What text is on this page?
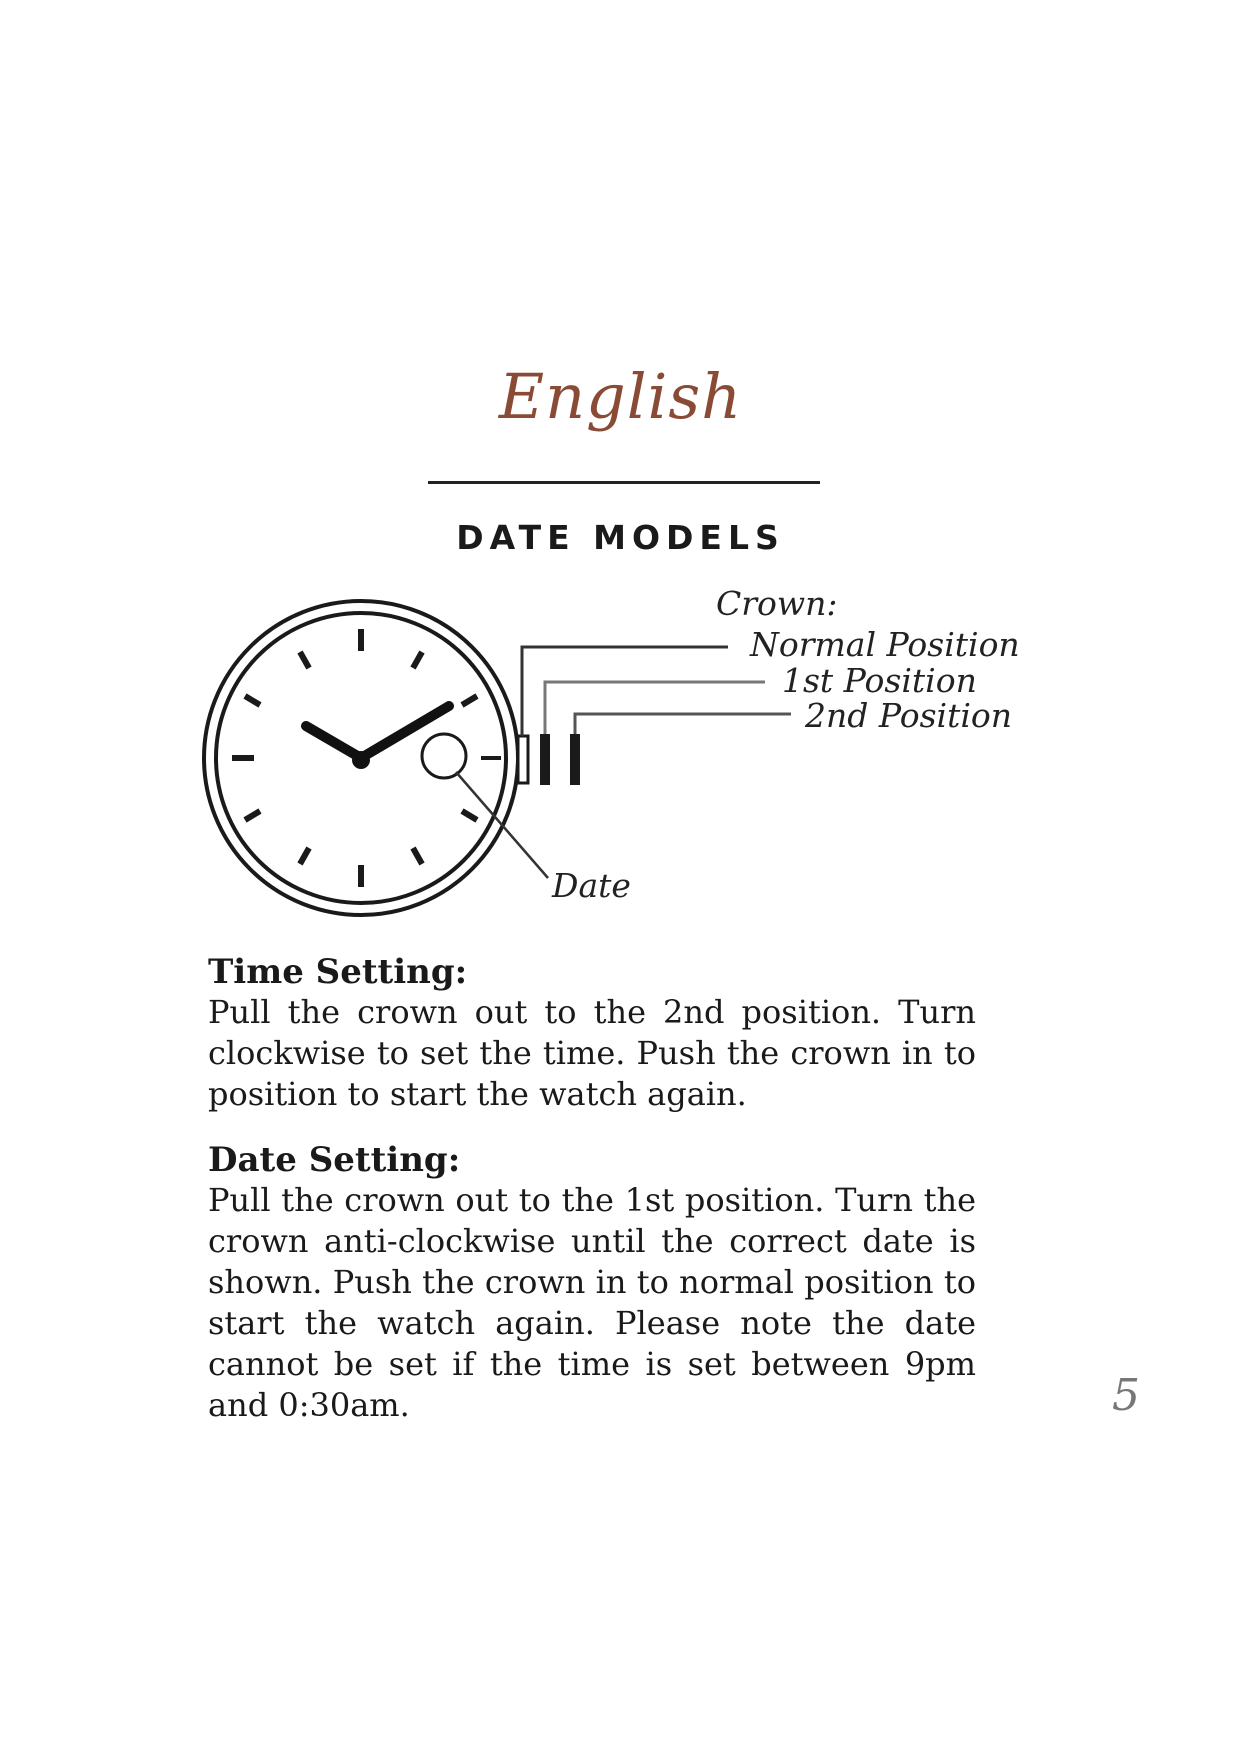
English
DATE MODELS
Crown:
Normal Position
1st Position
2nd Position
Date
Time Setting:

Pull the crown out to the 2nd position. Turn clockwise to set the time. Push the crown in to position to start the watch again.

Date Setting:

Pull the crown out to the 1st position. Turn the crown anti-clockwise until the correct date is shown. Push the crown in to normal position to start the watch again. Please note the date cannot be set if the time is set between 9pm and 0:30am.	5
